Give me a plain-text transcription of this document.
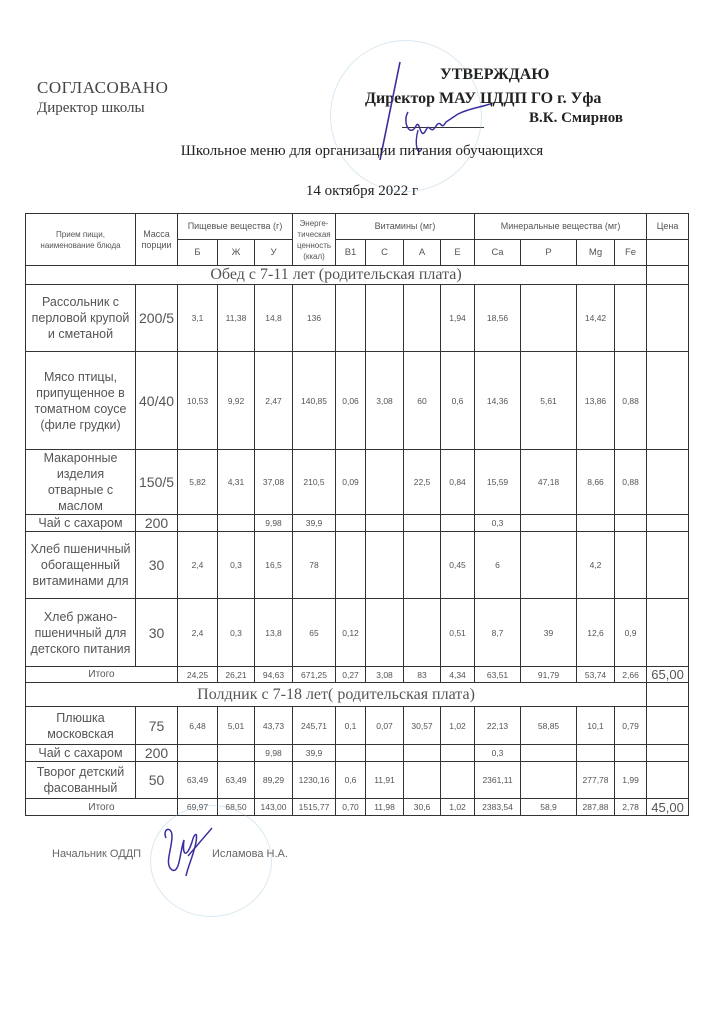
СОГЛАСОВАНО
Директор школы
УТВЕРЖДАЮ
Директор МАУ ЦДДП ГО г. Уфа
В.К. Смирнов
Школьное меню для организации питания обучающихся
14 октября 2022 г
Прием пищи, наименование блюда	Масса порции	Пищевые вещества (г)			Энерге-тическая ценность (ккал)	Витамины (мг)				Минеральные вещества (мг)				Цена
		Б	Ж	У		B1	C	A	E	Ca	P	Mg	Fe	
Обед с 7-11 лет (родительская плата)														
Рассольник с перловой крупой и сметаной	200/5	3,1	11,38	14,8	136				1,94	18,56		14,42		
Мясо птицы, припущенное в томатном соусе (филе грудки)	40/40	10,53	9,92	2,47	140,85	0,06	3,08	60	0,6	14,36	5,61	13,86	0,88	
Макаронные изделия отварные с маслом	150/5	5,82	4,31	37,08	210,5	0,09		22,5	0,84	15,59	47,18	8,66	0,88	
Чай с сахаром	200			9,98	39,9					0,3				
Хлеб пшеничный обогащенный витаминами для	30	2,4	0,3	16,5	78				0,45	6		4,2		
Хлеб ржано-пшеничный для детского питания	30	2,4	0,3	13,8	65	0,12			0,51	8,7	39	12,6	0,9	
Итого		24,25	26,21	94,63	671,25	0,27	3,08	83	4,34	63,51	91,79	53,74	2,66	65,00
Полдник с 7-18 лет( родительская плата)														
Плюшка московская	75	6,48	5,01	43,73	245,71	0,1	0,07	30,57	1,02	22,13	58,85	10,1	0,79	
Чай с сахаром	200			9,98	39,9					0,3				
Творог детский фасованный	50	63,49	63,49	89,29	1230,16	0,6	11,91			2361,11		277,78	1,99	
Итого		69,97	68,50	143,00	1515,77	0,70	11,98	30,6	1,02	2383,54	58,9	287,88	2,78	45,00
Начальник ОДДП	Исламова Н.А.
